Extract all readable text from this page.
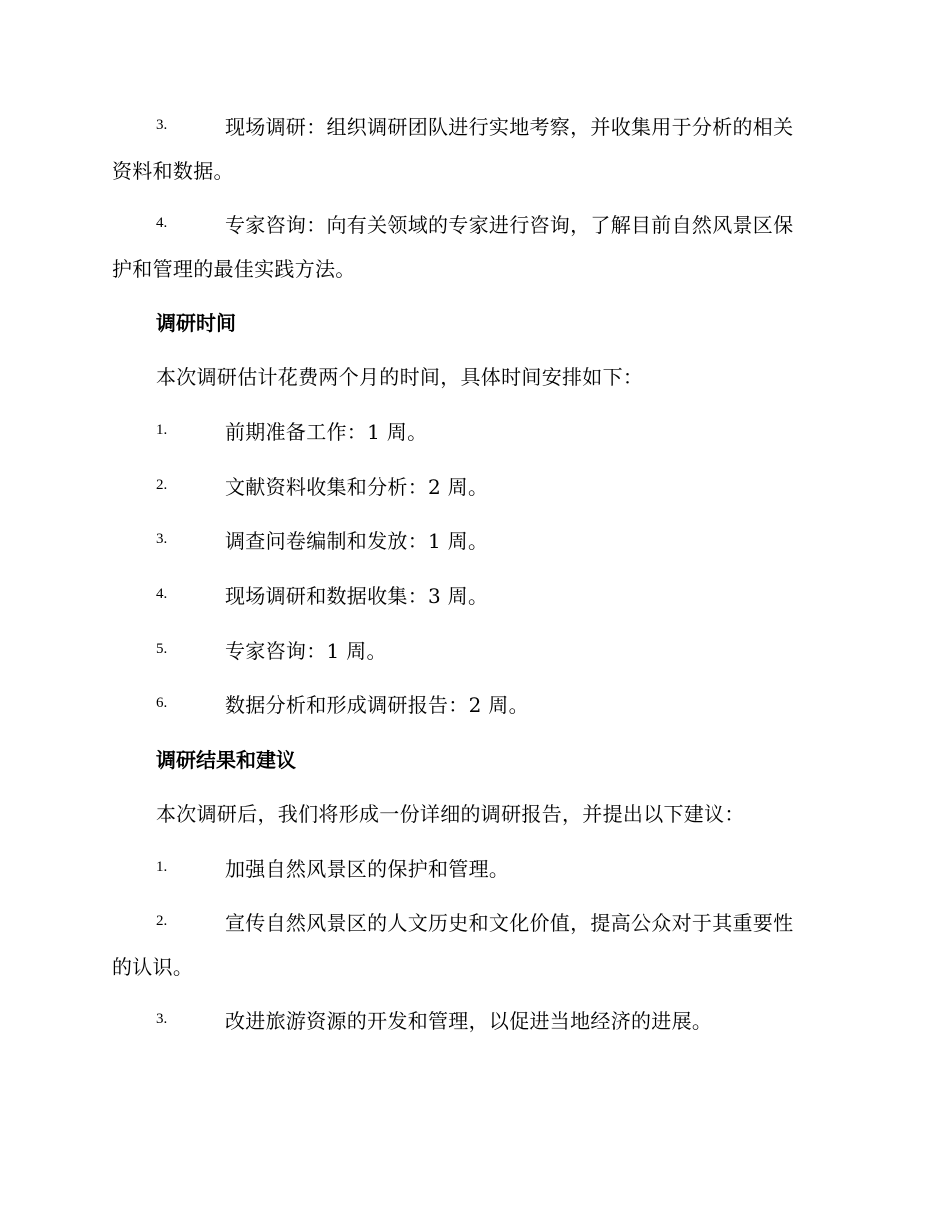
3.	现场调研：组织调研团队进行实地考察，并收集用于分析的相关
资料和数据。
4.	专家咨询：向有关领域的专家进行咨询，了解目前自然风景区保
护和管理的最佳实践方法。
调研时间
本次调研估计花费两个月的时间，具体时间安排如下：
1.	前期准备工作：1 周。
2.	文献资料收集和分析：2 周。
3.	调查问卷编制和发放：1 周。
4.	现场调研和数据收集：3 周。
5.	专家咨询：1 周。
6.	数据分析和形成调研报告：2 周。
调研结果和建议
本次调研后，我们将形成一份详细的调研报告，并提出以下建议：
1.	加强自然风景区的保护和管理。
2.	宣传自然风景区的人文历史和文化价值，提高公众对于其重要性
的认识。
3.	改进旅游资源的开发和管理，以促进当地经济的进展。
